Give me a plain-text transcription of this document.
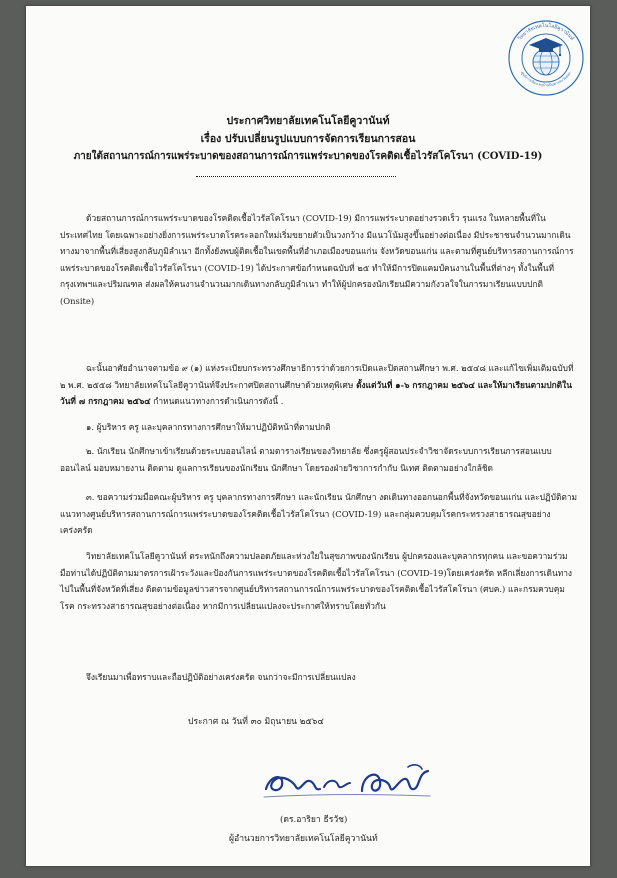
วิทยาลัยเทคโนโลยีคูวานันท์
ศูนย์การเรียน ครูบ้านบินทางตะวันออก
ประกาศวิทยาลัยเทคโนโลยีคูวานันท์
เรื่อง ปรับเปลี่ยนรูปแบบการจัดการเรียนการสอน
ภายใต้สถานการณ์การแพร่ระบาดของสถานการณ์การแพร่ระบาดของโรคติดเชื้อไวรัสโคโรนา (COVID-19)

ด้วยสถานการณ์การแพร่ระบาดของโรคติดเชื้อไวรัสโคโรนา (COVID-19) มีการแพร่ระบาดอย่างรวดเร็ว รุนแรง ในหลายพื้นที่ในประเทศไทย โดยเฉพาะอย่างยิ่งการแพร่ระบาดโรคระลอกใหม่เริ่มขยายตัวเป็นวงกว้าง มีแนวโน้มสูงขึ้นอย่างต่อเนื่อง มีประชาชนจำนวนมากเดินทางมาจากพื้นที่เสี่ยงสูงกลับภูมิลำเนา อีกทั้งยังพบผู้ติดเชื้อในเขตพื้นที่อำเภอเมืองขอนแก่น จังหวัดขอนแก่น และตามที่ศูนย์บริหารสถานการณ์การแพร่ระบาดของโรคติดเชื้อไวรัสโคโรนา (COVID-19) ได้ประกาศข้อกำหนดฉบับที่ ๒๕ ทำให้มีการปิดแคมป์คนงานในพื้นที่ต่างๆ ทั้งในพื้นที่กรุงเทพฯและปริมณฑล ส่งผลให้คนงานจำนวนมากเดินทางกลับภูมิลำเนา ทำให้ผู้ปกครองนักเรียนมีความกังวลใจในการมาเรียนแบบปกติ (Onsite)

ฉะนั้นอาศัยอำนาจตามข้อ ๙ (๑) แห่งระเบียบกระทรวงศึกษาธิการว่าด้วยการเปิดและปิดสถานศึกษา พ.ศ. ๒๕๔๘ และแก้ไขเพิ่มเติมฉบับที่ ๒ พ.ศ. ๒๕๕๘ วิทยาลัยเทคโนโลยีคูวานันท์จึงประกาศปิดสถานศึกษาด้วยเหตุพิเศษ ตั้งแต่วันที่ ๑-๖ กรกฎาคม ๒๕๖๔ และให้มาเรียนตามปกติในวันที่ ๗ กรกฎาคม ๒๕๖๔ กำหนดแนวทางการดำเนินการดังนี้ .

๑. ผู้บริหาร ครู และบุคลากรทางการศึกษาให้มาปฏิบัติหน้าที่ตามปกติ

๒. นักเรียน นักศึกษาเข้าเรียนด้วยระบบออนไลน์ ตามตารางเรียนของวิทยาลัย ซึ่งครูผู้สอนประจำวิชาจัดระบบการเรียนการสอนแบบออนไลน์ มอบหมายงาน ติดตาม ดูแลการเรียนของนักเรียน นักศึกษา โดยรองฝ่ายวิชาการกำกับ นิเทศ ติดตามอย่างใกล้ชิด

๓. ขอความร่วมมือคณะผู้บริหาร ครู บุคลากรทางการศึกษา และนักเรียน นักศึกษา งดเดินทางออกนอกพื้นที่จังหวัดขอนแก่น และปฏิบัติตามแนวทางศูนย์บริหารสถานการณ์การแพร่ระบาดของโรคติดเชื้อไวรัสโคโรนา (COVID-19) และกลุ่มควบคุมโรคกระทรวงสาธารณสุขอย่างเคร่งครัด

วิทยาลัยเทคโนโลยีคูวานันท์ ตระหนักถึงความปลอดภัยและห่วงใยในสุขภาพของนักเรียน ผู้ปกครองและบุคลากรทุกคน และขอความร่วมมือท่านได้ปฏิบัติตามมาตรการเฝ้าระวังและป้องกันการแพร่ระบาดของโรคติดเชื้อไวรัสโคโรนา (COVID-19)โดยเคร่งครัด หลีกเลี่ยงการเดินทางไปในพื้นที่จังหวัดที่เสี่ยง ติดตามข้อมูลข่าวสารจากศูนย์บริหารสถานการณ์การแพร่ระบาดของโรคติดเชื้อไวรัสโคโรนา (ศบค.) และกรมควบคุมโรค กระทรวงสาธารณสุขอย่างต่อเนื่อง หากมีการเปลี่ยนแปลงจะประกาศให้ทราบโดยทั่วกัน

จึงเรียนมาเพื่อทราบและถือปฏิบัติอย่างเคร่งครัด จนกว่าจะมีการเปลี่ยนแปลง

ประกาศ ณ วันที่ ๓๐ มิถุนายน ๒๕๖๔
(ดร.อาริยา ธีรวัช)
ผู้อำนวยการวิทยาลัยเทคโนโลยีคูวานันท์
